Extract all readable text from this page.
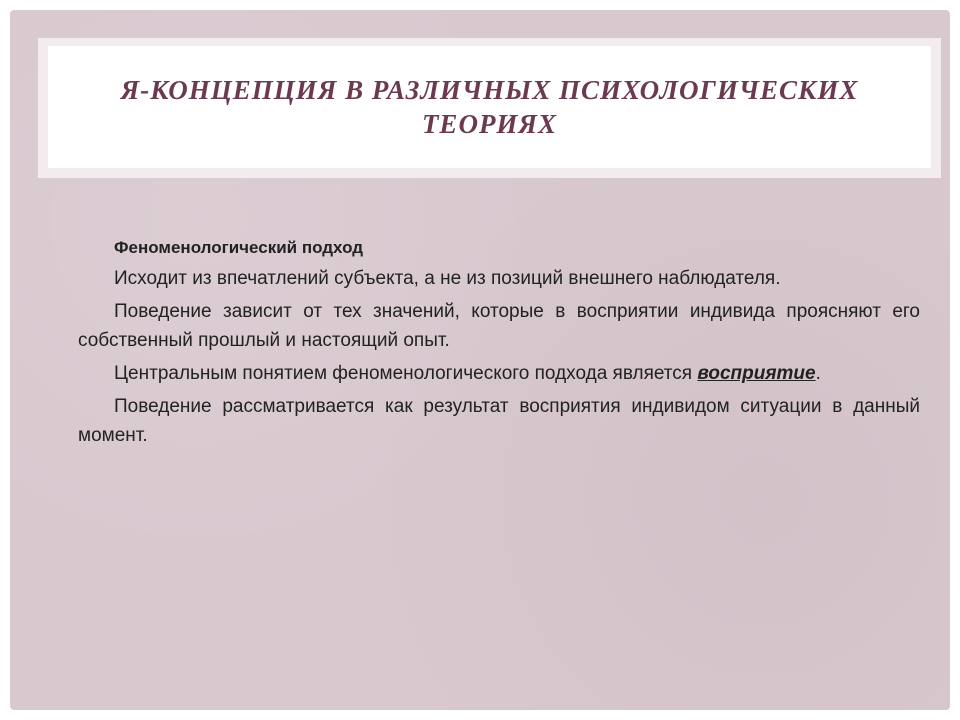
Я-КОНЦЕПЦИЯ В РАЗЛИЧНЫХ ПСИХОЛОГИЧЕСКИХ ТЕОРИЯХ

Феноменологический подход

Исходит из впечатлений субъекта, а не из позиций внешнего наблюдателя.

Поведение зависит от тех значений, которые в восприятии индивида проясняют его собственный прошлый и настоящий опыт.

Центральным понятием феноменологического подхода является восприятие.

Поведение рассматривается как результат восприятия индивидом ситуации в данный момент.
